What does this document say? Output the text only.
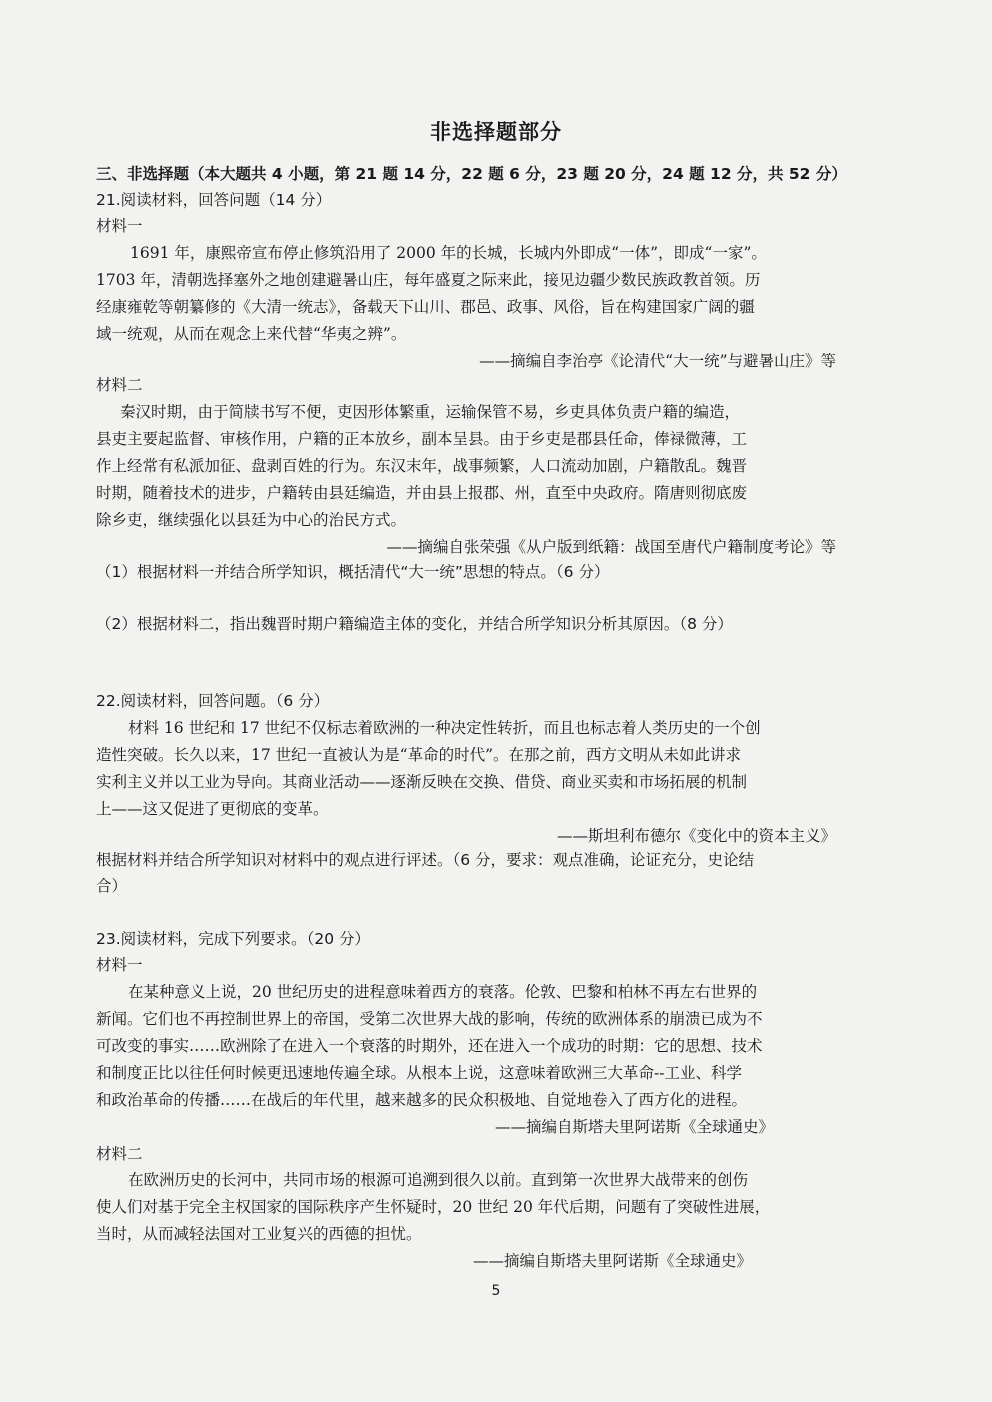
非选择题部分
三、非选择题（本大题共 4 小题，第 21 题 14 分，22 题 6 分，23 题 20 分，24 题 12 分，共 52 分）
21.阅读材料，回答问题（14 分）
材料一
1691 年，康熙帝宣布停止修筑沿用了 2000 年的长城，长城内外即成“一体”，即成“一家”。
1703 年，清朝选择塞外之地创建避暑山庄，每年盛夏之际来此，接见边疆少数民族政教首领。历
经康雍乾等朝纂修的《大清一统志》，备载天下山川、郡邑、政事、风俗，旨在构建国家广阔的疆
域一统观，从而在观念上来代替“华夷之辨”。
——摘编自李治亭《论清代“大一统”与避暑山庄》等
材料二
秦汉时期，由于简牍书写不便，吏因形体繁重，运输保管不易，乡吏具体负责户籍的编造，
县吏主要起监督、审核作用，户籍的正本放乡，副本呈县。由于乡吏是郡县任命，俸禄微薄，工
作上经常有私派加征、盘剥百姓的行为。东汉末年，战事频繁，人口流动加剧，户籍散乱。魏晋
时期，随着技术的进步，户籍转由县廷编造，并由县上报郡、州，直至中央政府。隋唐则彻底废
除乡吏，继续强化以县廷为中心的治民方式。
——摘编自张荣强《从户版到纸籍：战国至唐代户籍制度考论》等
（1）根据材料一并结合所学知识，概括清代“大一统”思想的特点。（6 分）
（2）根据材料二，指出魏晋时期户籍编造主体的变化，并结合所学知识分析其原因。（8 分）
22.阅读材料，回答问题。（6 分）
材料 16 世纪和 17 世纪不仅标志着欧洲的一种决定性转折，而且也标志着人类历史的一个创
造性突破。长久以来，17 世纪一直被认为是“革命的时代”。在那之前，西方文明从未如此讲求
实利主义并以工业为导向。其商业活动——逐渐反映在交换、借贷、商业买卖和市场拓展的机制
上——这又促进了更彻底的变革。
——斯坦利布德尔《变化中的资本主义》
根据材料并结合所学知识对材料中的观点进行评述。（6 分，要求：观点准确，论证充分，史论结
合）
23.阅读材料，完成下列要求。（20 分）
材料一
在某种意义上说，20 世纪历史的进程意味着西方的衰落。伦敦、巴黎和柏林不再左右世界的
新闻。它们也不再控制世界上的帝国，受第二次世界大战的影响，传统的欧洲体系的崩溃已成为不
可改变的事实……欧洲除了在进入一个衰落的时期外，还在进入一个成功的时期：它的思想、技术
和制度正比以往任何时候更迅速地传遍全球。从根本上说，这意味着欧洲三大革命--工业、科学
和政治革命的传播……在战后的年代里，越来越多的民众积极地、自觉地卷入了西方化的进程。
——摘编自斯塔夫里阿诺斯《全球通史》
材料二
在欧洲历史的长河中，共同市场的根源可追溯到很久以前。直到第一次世界大战带来的创伤
使人们对基于完全主权国家的国际秩序产生怀疑时，20 世纪 20 年代后期，问题有了突破性进展，
当时，从而减轻法国对工业复兴的西德的担忧。
——摘编自斯塔夫里阿诺斯《全球通史》
5
